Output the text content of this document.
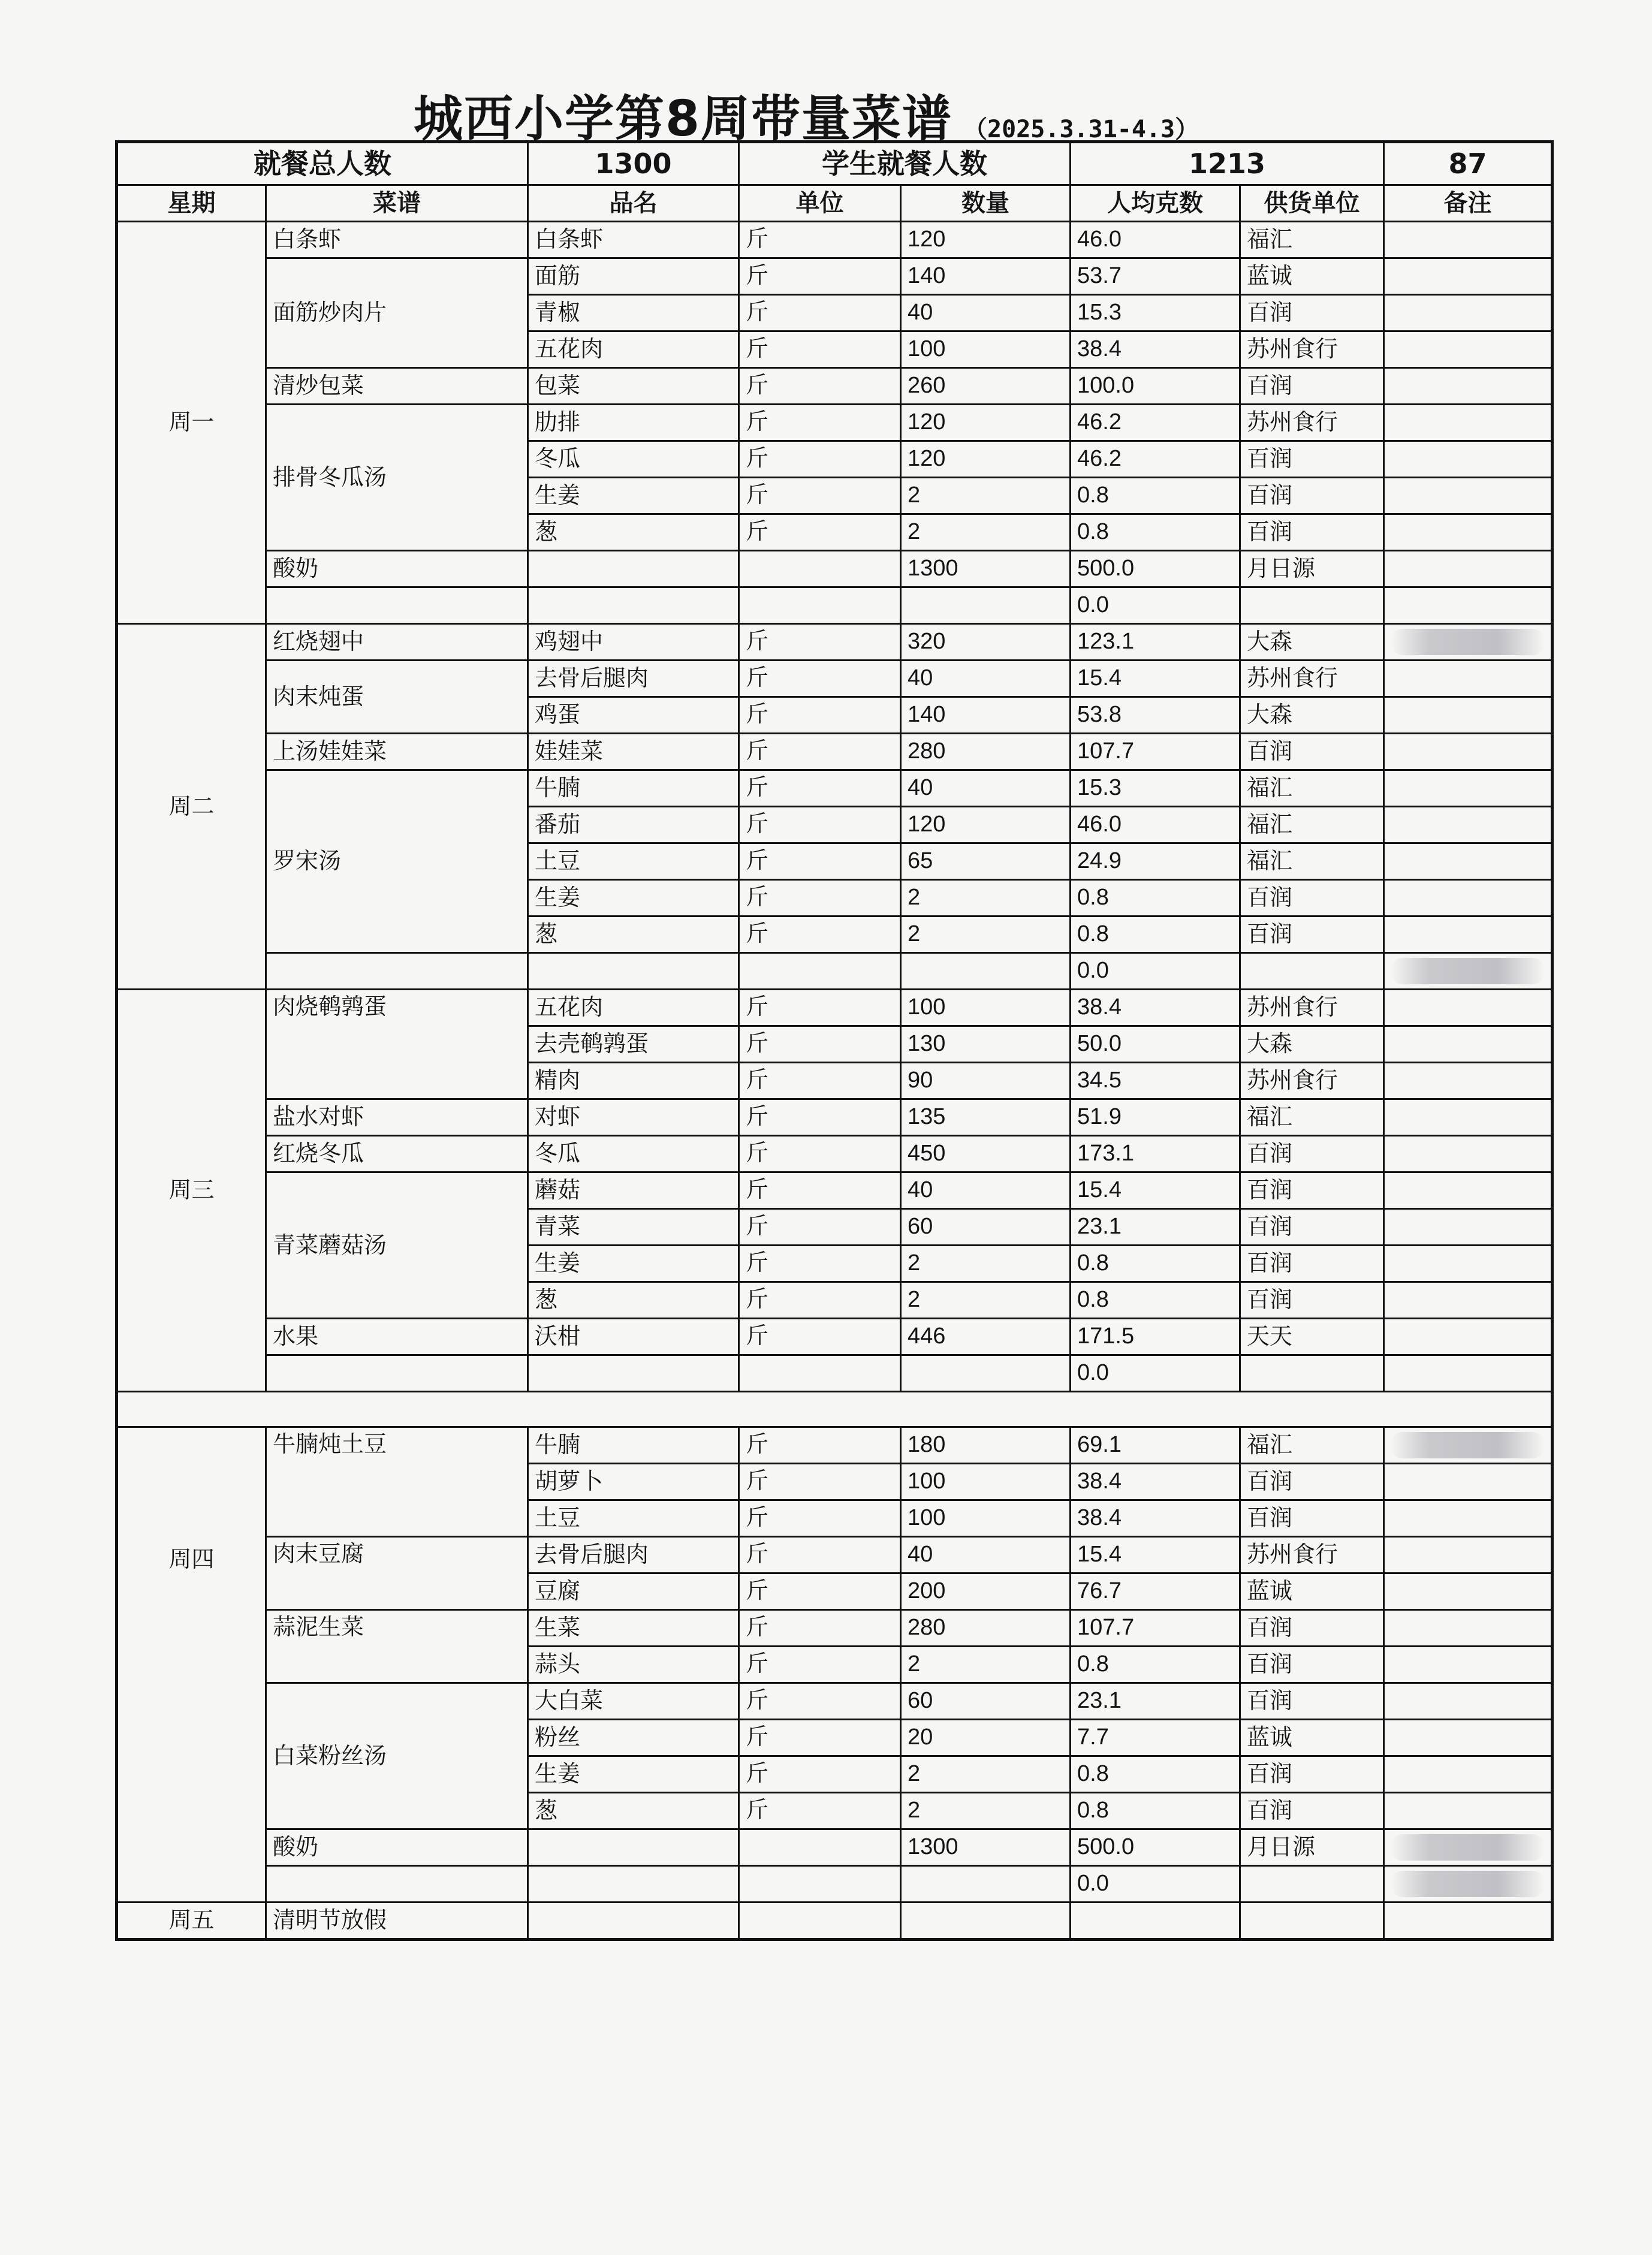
城西小学第8周带量菜谱 （2025.3.31-4.3）
就餐总人数		1300	学生就餐人数		1213		87
星期	菜谱	品名	单位	数量	人均克数	供货单位	备注
周一	白条虾	白条虾	斤	120	46.0	福汇	
	面筋炒肉片	面筋	斤	140	53.7	蓝诚	
		青椒	斤	40	15.3	百润	
		五花肉	斤	100	38.4	苏州食行	
	清炒包菜	包菜	斤	260	100.0	百润	
	排骨冬瓜汤	肋排	斤	120	46.2	苏州食行	
		冬瓜	斤	120	46.2	百润	
		生姜	斤	2	0.8	百润	
		葱	斤	2	0.8	百润	
	酸奶			1300	500.0	月日源	
					0.0		
周二	红烧翅中	鸡翅中	斤	320	123.1	大森	

	肉末炖蛋	去骨后腿肉	斤	40	15.4	苏州食行	
		鸡蛋	斤	140	53.8	大森	
	上汤娃娃菜	娃娃菜	斤	280	107.7	百润	
	罗宋汤	牛腩	斤	40	15.3	福汇	
		番茄	斤	120	46.0	福汇	
		土豆	斤	65	24.9	福汇	
		生姜	斤	2	0.8	百润	
		葱	斤	2	0.8	百润	
					0.0		

周三	肉烧鹌鹑蛋	五花肉	斤	100	38.4	苏州食行	
		去壳鹌鹑蛋	斤	130	50.0	大森	
		精肉	斤	90	34.5	苏州食行	
	盐水对虾	对虾	斤	135	51.9	福汇	
	红烧冬瓜	冬瓜	斤	450	173.1	百润	
	青菜蘑菇汤	蘑菇	斤	40	15.4	百润	
		青菜	斤	60	23.1	百润	
		生姜	斤	2	0.8	百润	
		葱	斤	2	0.8	百润	
	水果	沃柑	斤	446	171.5	天天	
					0.0		

周四	牛腩炖土豆	牛腩	斤	180	69.1	福汇	

		胡萝卜	斤	100	38.4	百润	
		土豆	斤	100	38.4	百润	
	肉末豆腐	去骨后腿肉	斤	40	15.4	苏州食行	
		豆腐	斤	200	76.7	蓝诚	
	蒜泥生菜	生菜	斤	280	107.7	百润	
		蒜头	斤	2	0.8	百润	
	白菜粉丝汤	大白菜	斤	60	23.1	百润	
		粉丝	斤	20	7.7	蓝诚	
		生姜	斤	2	0.8	百润	
		葱	斤	2	0.8	百润	
	酸奶			1300	500.0	月日源	

					0.0		

周五	清明节放假						
